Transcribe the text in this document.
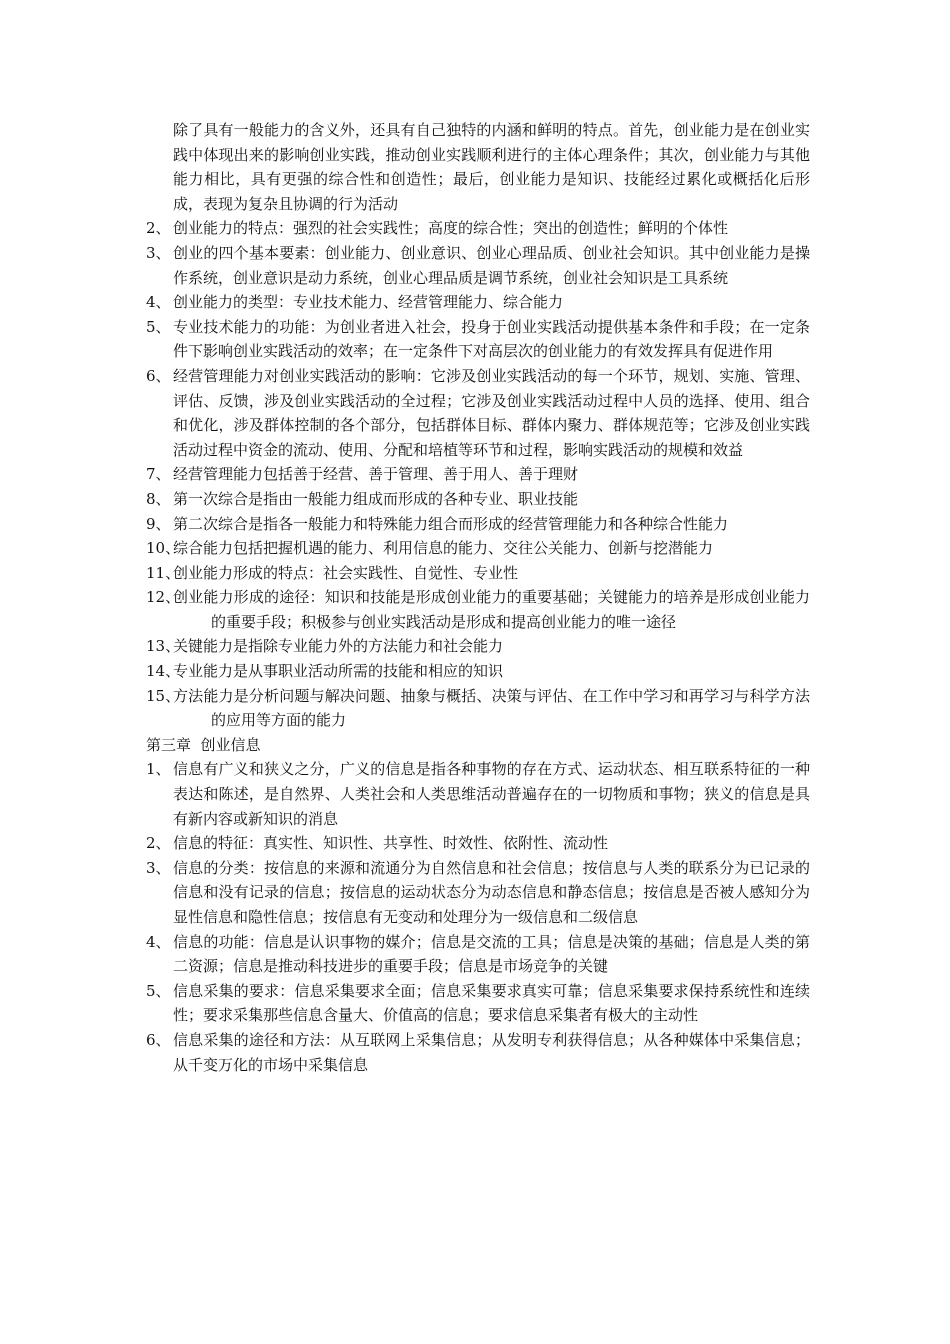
除了具有一般能力的含义外，还具有自己独特的内涵和鲜明的特点。首先，创业能力是在创业实践中体现出来的影响创业实践，推动创业实践顺利进行的主体心理条件；其次，创业能力与其他能力相比，具有更强的综合性和创造性；最后，创业能力是知识、技能经过累化或概括化后形成，表现为复杂且协调的行为活动
2、 创业能力的特点：强烈的社会实践性；高度的综合性；突出的创造性；鲜明的个体性
3、 创业的四个基本要素：创业能力、创业意识、创业心理品质、创业社会知识。其中创业能力是操作系统，创业意识是动力系统，创业心理品质是调节系统，创业社会知识是工具系统
4、 创业能力的类型：专业技术能力、经营管理能力、综合能力
5、 专业技术能力的功能：为创业者进入社会，投身于创业实践活动提供基本条件和手段；在一定条件下影响创业实践活动的效率；在一定条件下对高层次的创业能力的有效发挥具有促进作用
6、 经营管理能力对创业实践活动的影响：它涉及创业实践活动的每一个环节，规划、实施、管理、评估、反馈，涉及创业实践活动的全过程；它涉及创业实践活动过程中人员的选择、使用、组合和优化，涉及群体控制的各个部分，包括群体目标、群体内聚力、群体规范等；它涉及创业实践活动过程中资金的流动、使用、分配和培植等环节和过程，影响实践活动的规模和效益
7、 经营管理能力包括善于经营、善于管理、善于用人、善于理财
8、 第一次综合是指由一般能力组成而形成的各种专业、职业技能
9、 第二次综合是指各一般能力和特殊能力组合而形成的经营管理能力和各种综合性能力
10、
综合能力包括把握机遇的能力、利用信息的能力、交往公关能力、创新与挖潜能力
11、
创业能力形成的特点：社会实践性、自觉性、专业性
12、
创业能力形成的途径：知识和技能是形成创业能力的重要基础；关键能力的培养是形成创业能力的重要手段；积极参与创业实践活动是形成和提高创业能力的唯一途径
13、
关键能力是指除专业能力外的方法能力和社会能力
14、
专业能力是从事职业活动所需的技能和相应的知识
15、
方法能力是分析问题与解决问题、抽象与概括、决策与评估、在工作中学习和再学习与科学方法的应用等方面的能力
第三章  创业信息
1、 信息有广义和狭义之分，广义的信息是指各种事物的存在方式、运动状态、相互联系特征的一种表达和陈述，是自然界、人类社会和人类思维活动普遍存在的一切物质和事物；狭义的信息是具有新内容或新知识的消息
2、 信息的特征：真实性、知识性、共享性、时效性、依附性、流动性
3、 信息的分类：按信息的来源和流通分为自然信息和社会信息；按信息与人类的联系分为已记录的信息和没有记录的信息；按信息的运动状态分为动态信息和静态信息；按信息是否被人感知分为显性信息和隐性信息；按信息有无变动和处理分为一级信息和二级信息
4、 信息的功能：信息是认识事物的媒介；信息是交流的工具；信息是决策的基础；信息是人类的第二资源；信息是推动科技进步的重要手段；信息是市场竞争的关键
5、 信息采集的要求：信息采集要求全面；信息采集要求真实可靠；信息采集要求保持系统性和连续性；要求采集那些信息含量大、价值高的信息；要求信息采集者有极大的主动性
6、 信息采集的途径和方法：从互联网上采集信息；从发明专利获得信息；从各种媒体中采集信息；从千变万化的市场中采集信息
